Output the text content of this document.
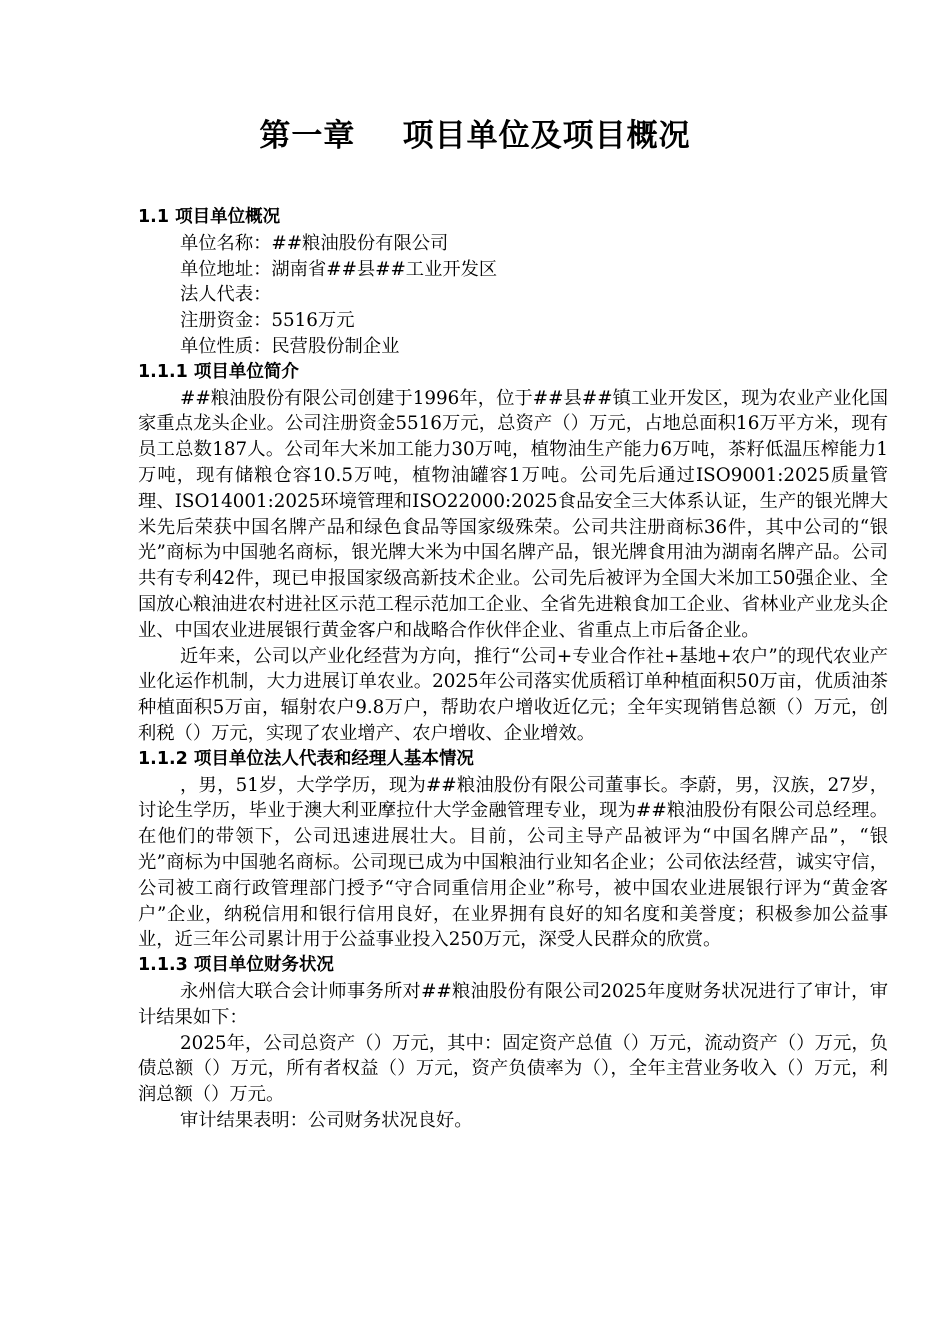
第一章    项目单位及项目概况

1.1 项目单位概况

单位名称：##粮油股份有限公司

单位地址：湖南省##县##工业开发区

法人代表：

注册资金：5516万元

单位性质：民营股份制企业

1.1.1 项目单位简介

##粮油股份有限公司创建于1996年，位于##县##镇工业开发区，现为农业产业化国家重点龙头企业。公司注册资金5516万元，总资产（）万元，占地总面积16万平方米，现有员工总数187人。公司年大米加工能力30万吨，植物油生产能力6万吨，茶籽低温压榨能力1万吨，现有储粮仓容10.5万吨，植物油罐容1万吨。公司先后通过ISO9001:2025质量管理、ISO14001:2025环境管理和ISO22000:2025食品安全三大体系认证，生产的银光牌大米先后荣获中国名牌产品和绿色食品等国家级殊荣。公司共注册商标36件，其中公司的“银光”商标为中国驰名商标，银光牌大米为中国名牌产品，银光牌食用油为湖南名牌产品。公司共有专利42件，现已申报国家级高新技术企业。公司先后被评为全国大米加工50强企业、全国放心粮油进农村进社区示范工程示范加工企业、全省先进粮食加工企业、省林业产业龙头企业、中国农业进展银行黄金客户和战略合作伙伴企业、省重点上市后备企业。

近年来，公司以产业化经营为方向，推行“公司+专业合作社+基地+农户”的现代农业产业化运作机制，大力进展订单农业。2025年公司落实优质稻订单种植面积50万亩，优质油茶种植面积5万亩，辐射农户9.8万户，帮助农户增收近亿元；全年实现销售总额（）万元，创利税（）万元，实现了农业增产、农户增收、企业增效。

1.1.2 项目单位法人代表和经理人基本情况

，男，51岁，大学学历，现为##粮油股份有限公司董事长。李蔚，男，汉族，27岁，讨论生学历，毕业于澳大利亚摩拉什大学金融管理专业，现为##粮油股份有限公司总经理。在他们的带领下，公司迅速进展壮大。目前，公司主导产品被评为“中国名牌产品”，“银光”商标为中国驰名商标。公司现已成为中国粮油行业知名企业；公司依法经营，诚实守信，公司被工商行政管理部门授予“守合同重信用企业”称号，被中国农业进展银行评为“黄金客户”企业，纳税信用和银行信用良好，在业界拥有良好的知名度和美誉度；积极参加公益事业，近三年公司累计用于公益事业投入250万元，深受人民群众的欣赏。

1.1.3 项目单位财务状况

永州信大联合会计师事务所对##粮油股份有限公司2025年度财务状况进行了审计，审计结果如下：

2025年，公司总资产（）万元，其中：固定资产总值（）万元，流动资产（）万元，负债总额（）万元，所有者权益（）万元，资产负债率为（），全年主营业务收入（）万元，利润总额（）万元。

审计结果表明：公司财务状况良好。
